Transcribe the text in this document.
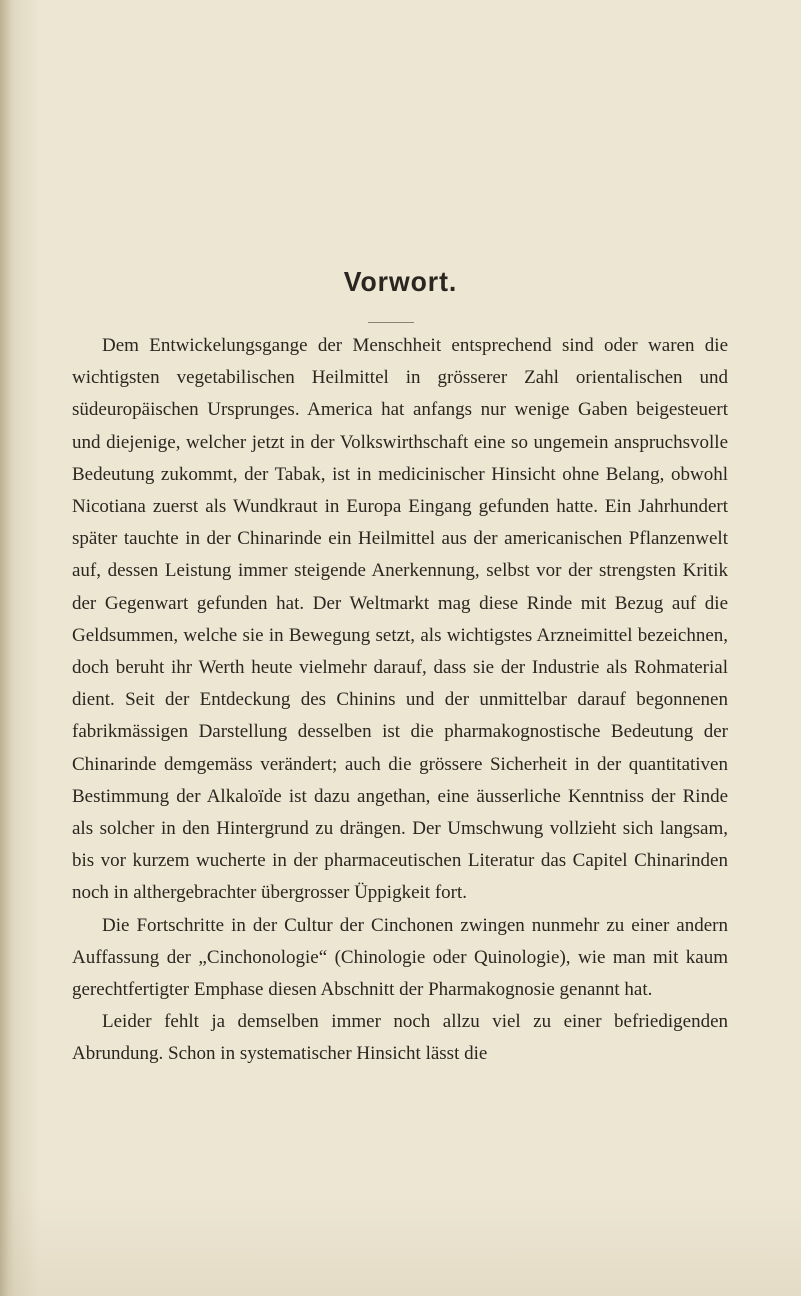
Vorwort.

Dem Entwickelungsgange der Menschheit entsprechend sind oder waren die wichtigsten vegetabilischen Heilmittel in grösserer Zahl orientalischen und südeuropäischen Ursprunges. America hat anfangs nur wenige Gaben beigesteuert und diejenige, welcher jetzt in der Volkswirthschaft eine so ungemein anspruchsvolle Bedeutung zukommt, der Tabak, ist in medicinischer Hinsicht ohne Belang, obwohl Nicotiana zuerst als Wundkraut in Europa Eingang gefunden hatte. Ein Jahrhundert später tauchte in der Chinarinde ein Heilmittel aus der americanischen Pflanzenwelt auf, dessen Leistung immer steigende Anerkennung, selbst vor der strengsten Kritik der Gegenwart gefunden hat. Der Weltmarkt mag diese Rinde mit Bezug auf die Geldsummen, welche sie in Bewegung setzt, als wichtigstes Arzneimittel bezeichnen, doch beruht ihr Werth heute vielmehr darauf, dass sie der Industrie als Rohmaterial dient. Seit der Entdeckung des Chinins und der unmittelbar darauf begonnenen fabrikmässigen Darstellung desselben ist die pharmakognostische Bedeutung der Chinarinde demgemäss verändert; auch die grössere Sicherheit in der quantitativen Bestimmung der Alkaloïde ist dazu angethan, eine äusserliche Kenntniss der Rinde als solcher in den Hintergrund zu drängen. Der Umschwung vollzieht sich langsam, bis vor kurzem wucherte in der pharmaceutischen Literatur das Capitel Chinarinden noch in althergebrachter übergrosser Üppigkeit fort.

Die Fortschritte in der Cultur der Cinchonen zwingen nunmehr zu einer andern Auffassung der „Cinchonologie“ (Chinologie oder Quinologie), wie man mit kaum gerechtfertigter Emphase diesen Abschnitt der Pharmakognosie genannt hat.

Leider fehlt ja demselben immer noch allzu viel zu einer befriedigenden Abrundung. Schon in systematischer Hinsicht lässt die
